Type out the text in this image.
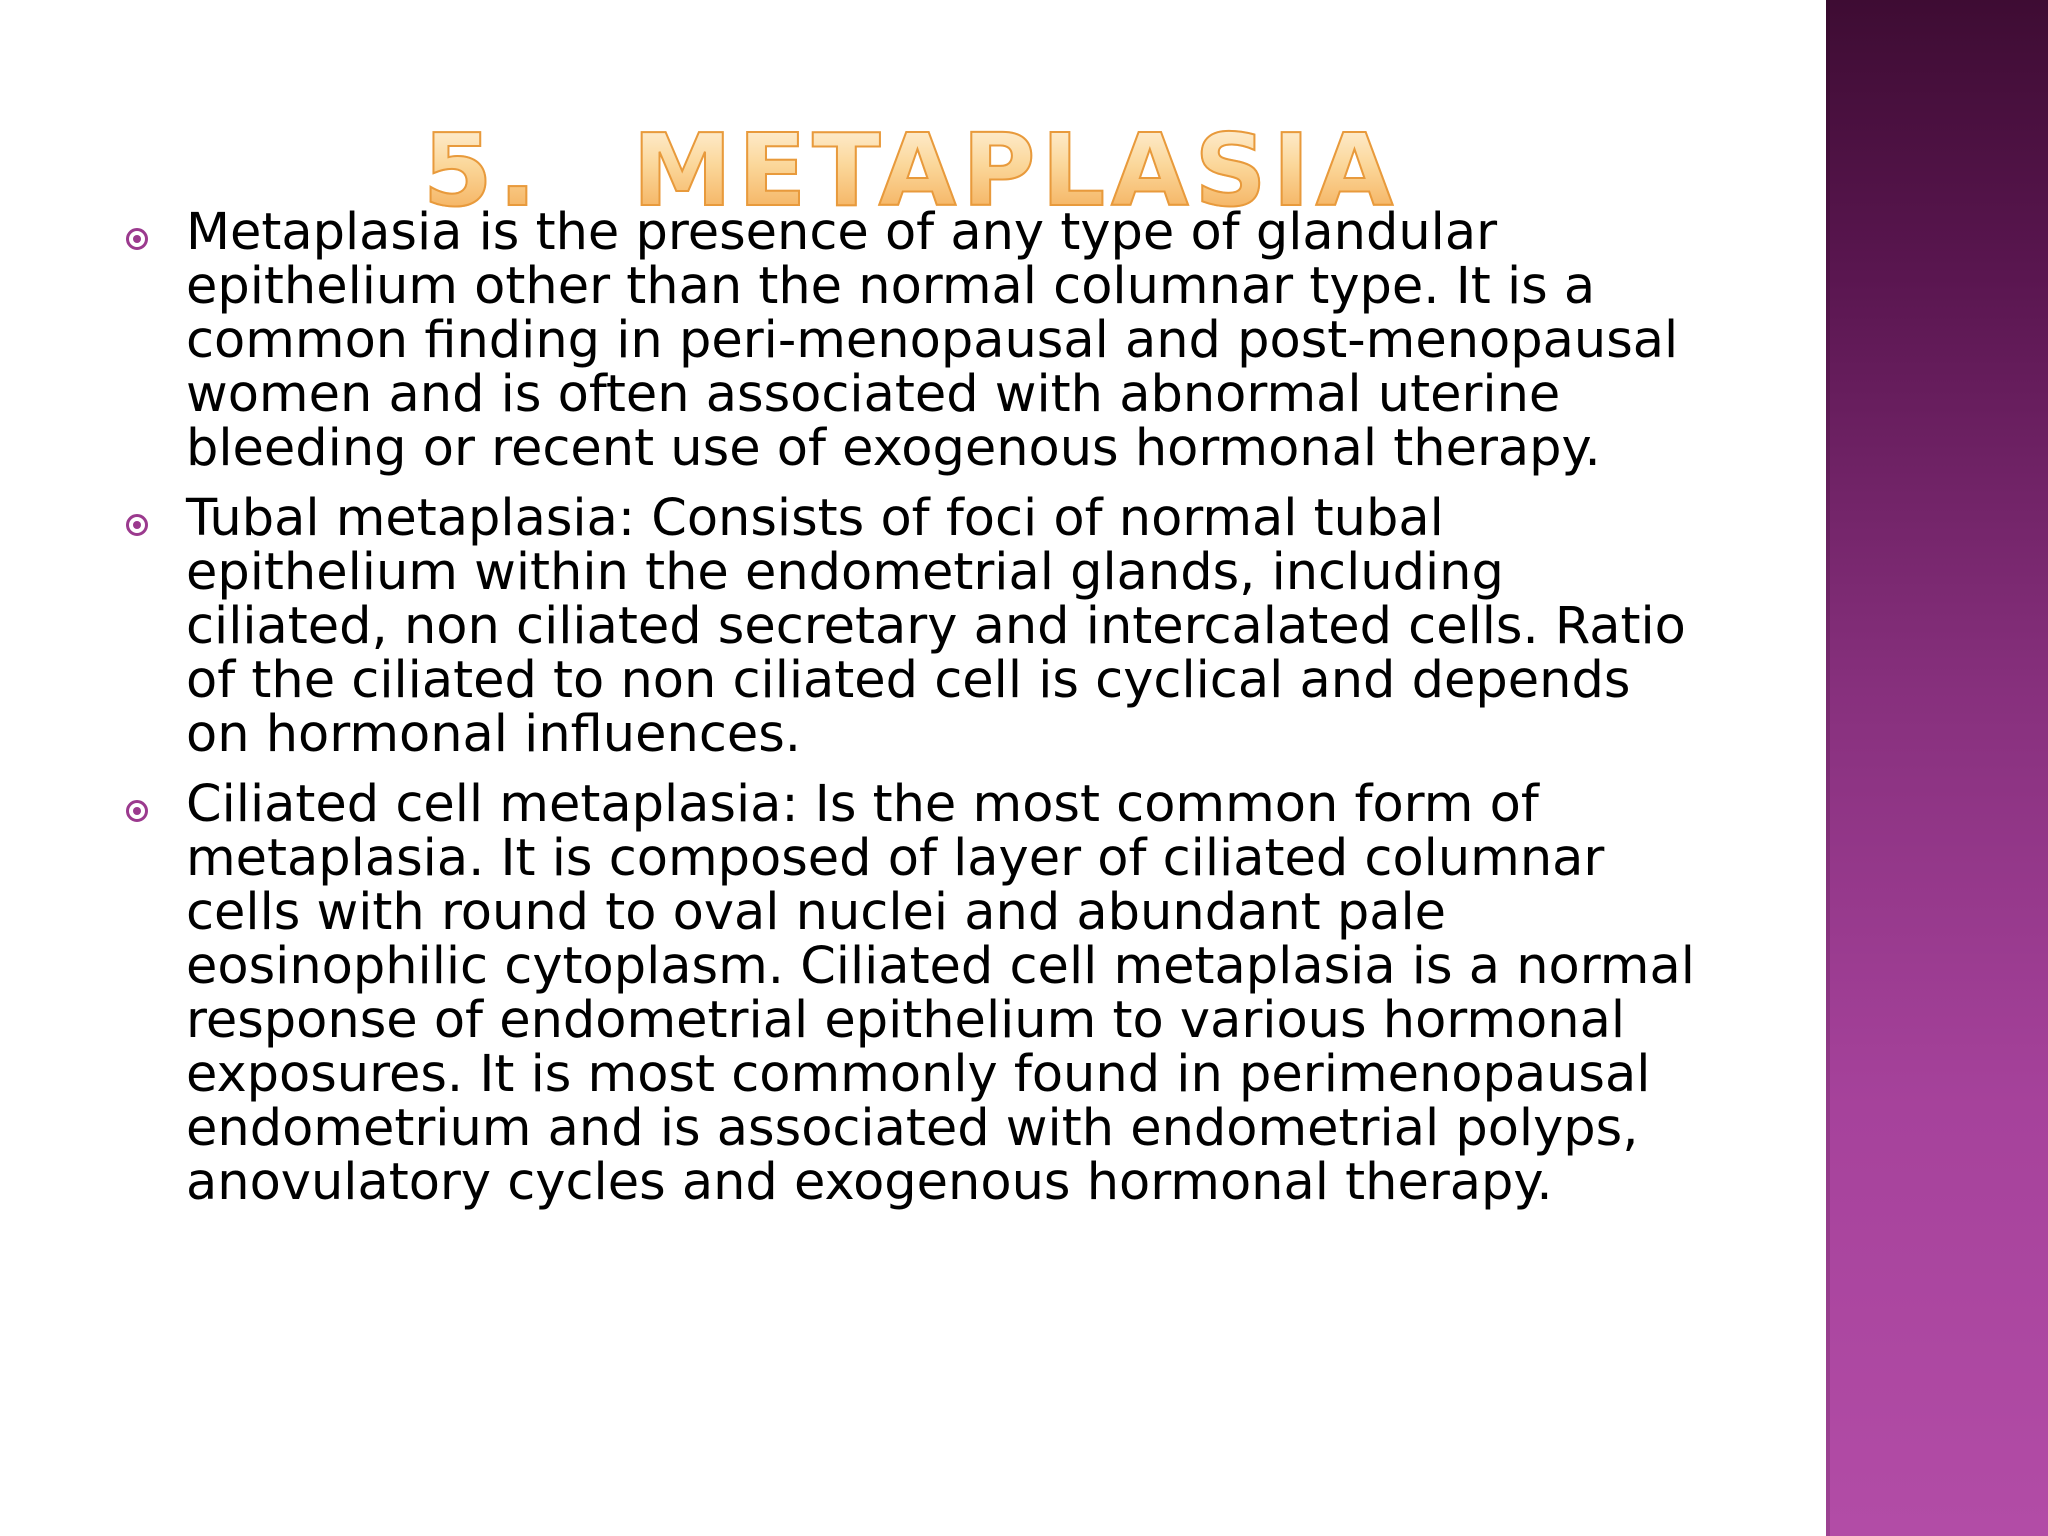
5. METAPLASIA
Metaplasia is the presence of any type of glandular epithelium other than the normal columnar type. It is a common finding in peri-menopausal and post-menopausal women and is often associated with abnormal uterine bleeding or recent use of exogenous hormonal therapy.
Tubal metaplasia: Consists of foci of normal tubal epithelium within the endometrial glands, including ciliated, non ciliated secretary and intercalated cells. Ratio of the ciliated to non ciliated cell is cyclical and depends on hormonal influences.
Ciliated cell metaplasia: Is the most common form of metaplasia. It is composed of layer of ciliated columnar cells with round to oval nuclei and abundant pale eosinophilic cytoplasm. Ciliated cell metaplasia is a normal response of endometrial epithelium to various hormonal exposures. It is most commonly found in perimenopausal endometrium and is associated with endometrial polyps, anovulatory cycles and exogenous hormonal therapy.
